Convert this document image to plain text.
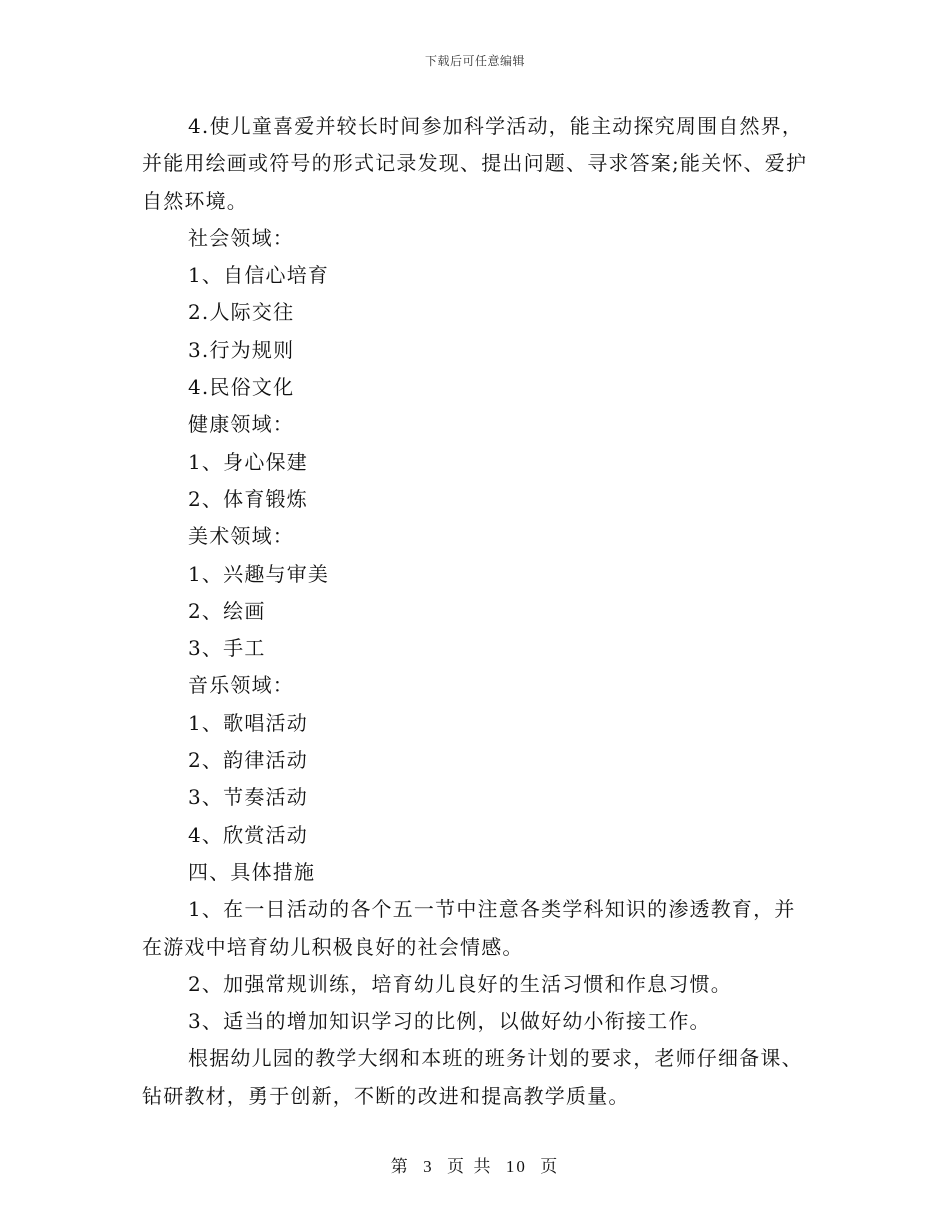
下载后可任意编辑

4.使儿童喜爱并较长时间参加科学活动，能主动探究周围自然界，并能用绘画或符号的形式记录发现、提出问题、寻求答案;能关怀、爱护自然环境。

社会领域：

1、自信心培育

2.人际交往

3.行为规则

4.民俗文化

健康领域：

1、身心保建

2、体育锻炼

美术领域：

1、兴趣与审美

2、绘画

3、手工

音乐领域：

1、歌唱活动

2、韵律活动

3、节奏活动

4、欣赏活动

四、具体措施

1、在一日活动的各个五一节中注意各类学科知识的渗透教育，并在游戏中培育幼儿积极良好的社会情感。

2、加强常规训练，培育幼儿良好的生活习惯和作息习惯。

3、适当的增加知识学习的比例，以做好幼小衔接工作。

根据幼儿园的教学大纲和本班的班务计划的要求，老师仔细备课、钻研教材，勇于创新，不断的改进和提高教学质量。

第 3 页 共 10 页
